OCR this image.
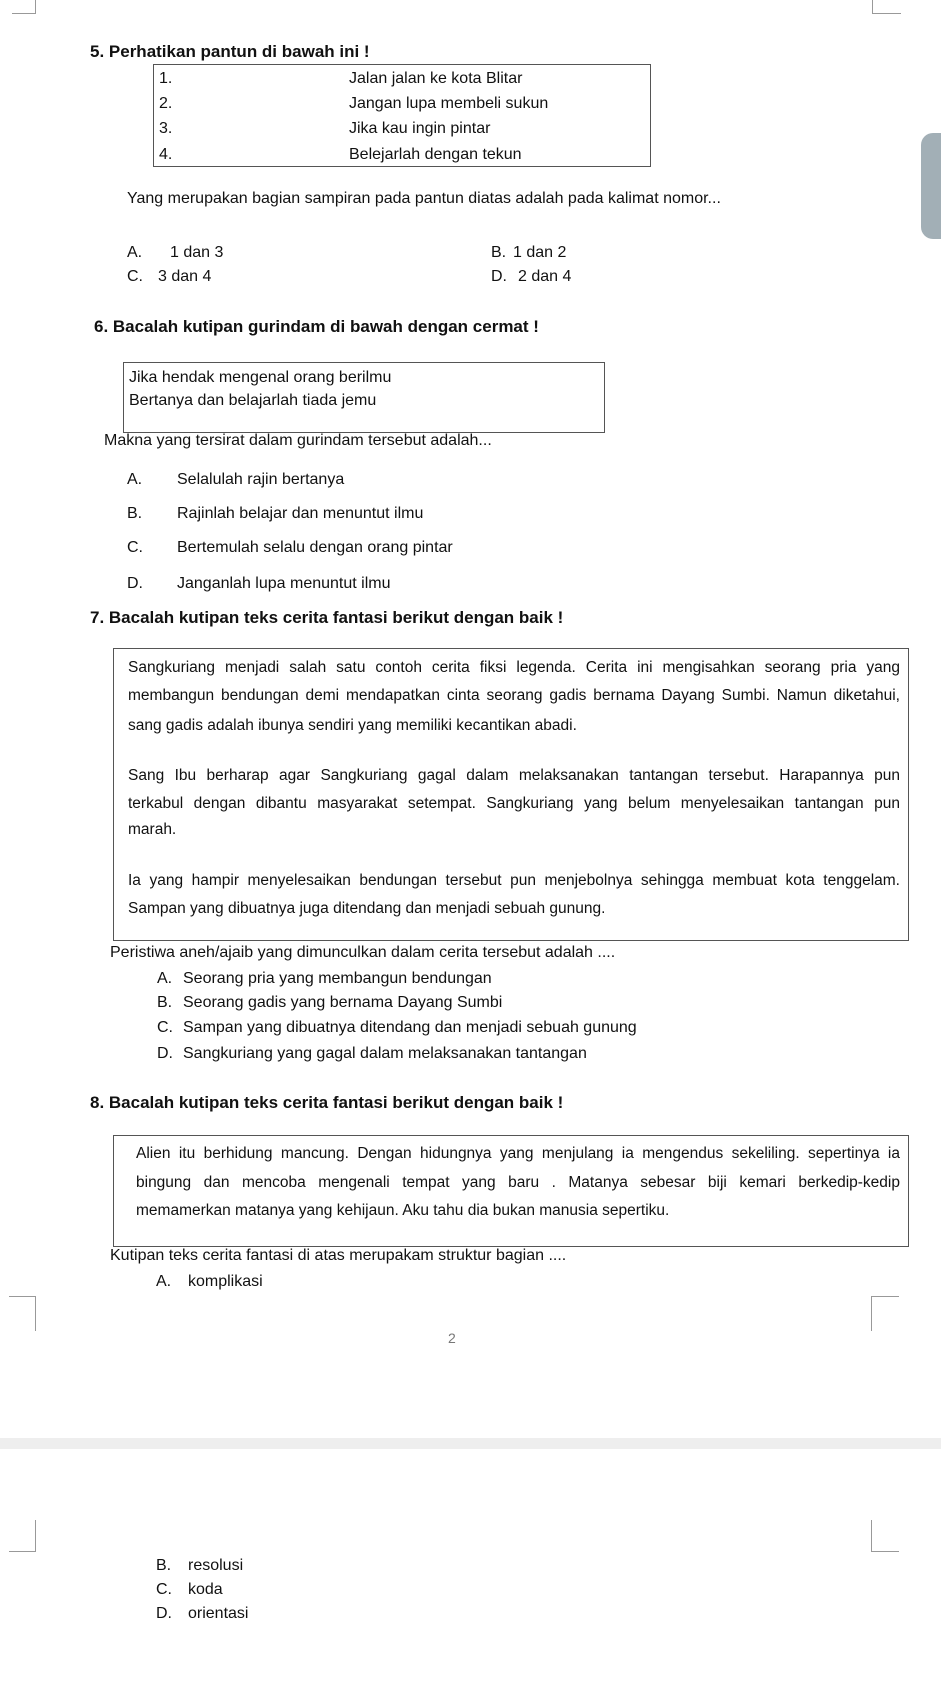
5. Perhatikan pantun di bawah ini !
1.	Jalan jalan ke kota Blitar
2.	Jangan lupa membeli sukun
3.	Jika kau ingin pintar
4.	Belejarlah dengan tekun
Yang merupakan bagian sampiran pada pantun diatas adalah pada kalimat nomor...
A. 1 dan 3	B. 1 dan 2
C. 3 dan 4	D. 2 dan 4
6. Bacalah kutipan gurindam di bawah dengan cermat !
Jika hendak mengenal orang berilmu
Bertanya dan belajarlah tiada jemu
Makna yang tersirat dalam gurindam tersebut adalah...
A. Selalulah rajin bertanya
B. Rajinlah belajar dan menuntut ilmu
C. Bertemulah selalu dengan orang pintar
D. Janganlah lupa menuntut ilmu
7. Bacalah kutipan teks cerita fantasi berikut dengan baik !
Sangkuriang menjadi salah satu contoh cerita fiksi legenda. Cerita ini mengisahkan seorang pria yang
membangun bendungan demi mendapatkan cinta seorang gadis bernama Dayang Sumbi. Namun diketahui,
sang gadis adalah ibunya sendiri yang memiliki kecantikan abadi.
Sang Ibu berharap agar Sangkuriang gagal dalam melaksanakan tantangan tersebut. Harapannya pun
terkabul dengan dibantu masyarakat setempat. Sangkuriang yang belum menyelesaikan tantangan pun
marah.
Ia yang hampir menyelesaikan bendungan tersebut pun menjebolnya sehingga membuat kota tenggelam.
Sampan yang dibuatnya juga ditendang dan menjadi sebuah gunung.
Peristiwa aneh/ajaib yang dimunculkan dalam cerita tersebut adalah ....
A. Seorang pria yang membangun bendungan
B. Seorang gadis yang bernama Dayang Sumbi
C. Sampan yang dibuatnya ditendang dan menjadi sebuah gunung
D. Sangkuriang yang gagal dalam melaksanakan tantangan
8. Bacalah kutipan teks cerita fantasi berikut dengan baik !
Alien itu berhidung mancung. Dengan hidungnya yang menjulang ia mengendus sekeliling. sepertinya ia
bingung dan mencoba mengenali tempat yang baru . Matanya sebesar biji kemari berkedip-kedip
memamerkan matanya yang kehijaun. Aku tahu dia bukan manusia sepertiku.
Kutipan teks cerita fantasi di atas merupakam struktur bagian ....
A. komplikasi
2
B. resolusi
C. koda
D. orientasi
